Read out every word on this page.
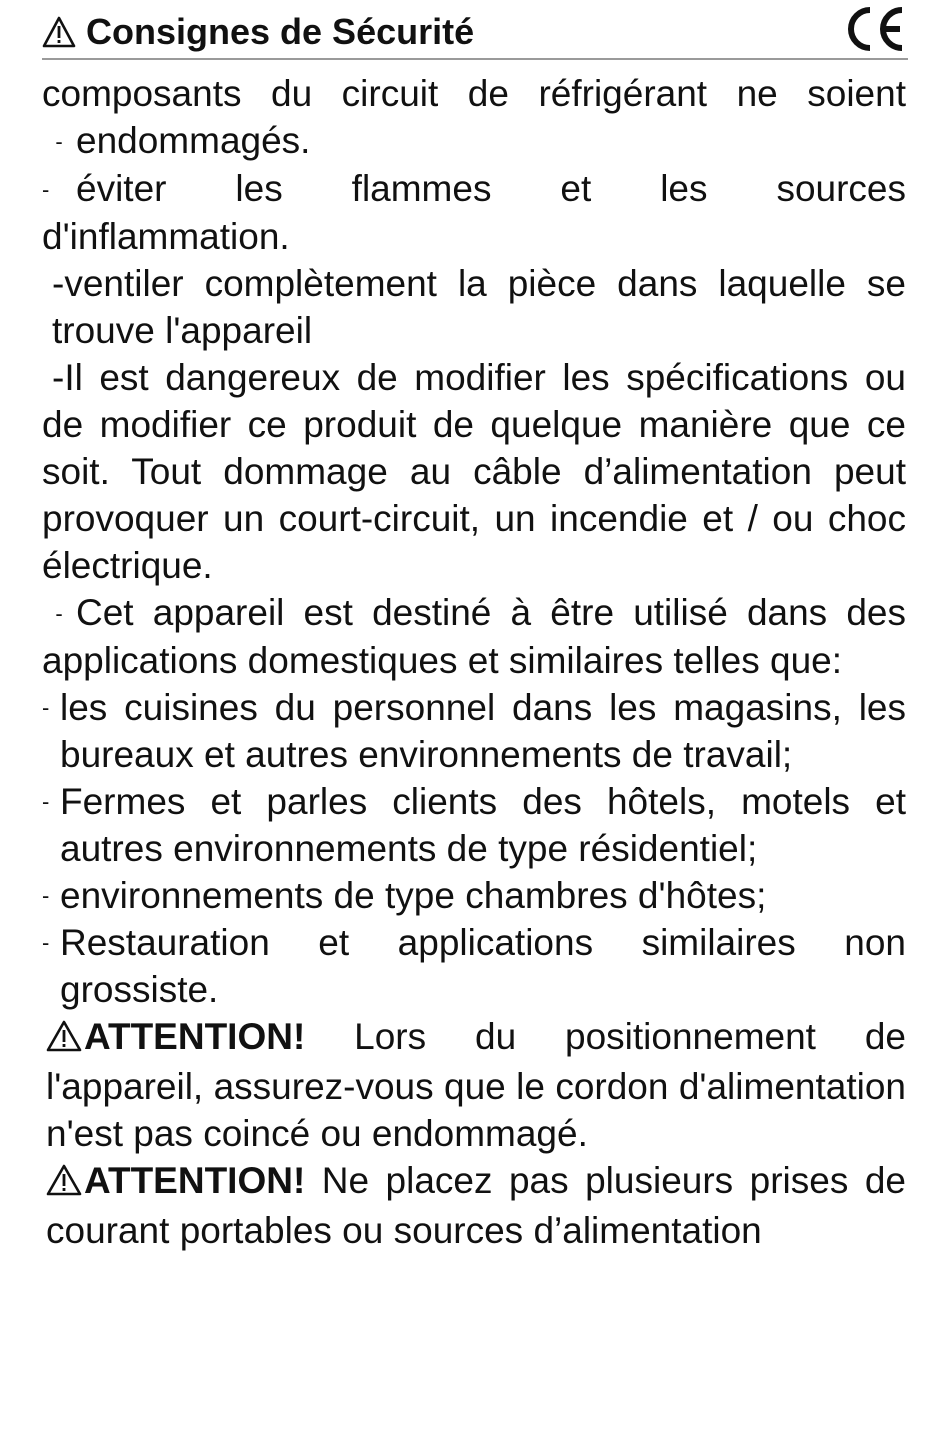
Consignes de Sécurité
composants du circuit de réfrigérant ne soient
- endommagés.
- éviter les flammes et les sources
d'inflammation.
-ventiler complètement la pièce dans laquelle se trouve l'appareil
-Il est dangereux de modifier les spécifications ou de modifier ce produit de quelque manière que ce soit. Tout dommage au câble d’alimentation peut provoquer un court-circuit, un incendie et / ou choc électrique.
- Cet appareil est destiné à être utilisé dans des applications domestiques et similaires telles que:
- les cuisines du personnel dans les magasins, les bureaux et autres environnements de travail;
- Fermes et parles clients des hôtels, motels et autres environnements de type résidentiel;
- environnements de type chambres d'hôtes;
- Restauration et applications similaires non grossiste.
ATTENTION! Lors du positionnement de l'appareil, assurez-vous que le cordon d'alimentation n'est pas coincé ou endommagé.
ATTENTION! Ne placez pas plusieurs prises de courant portables ou sources d’alimentation
